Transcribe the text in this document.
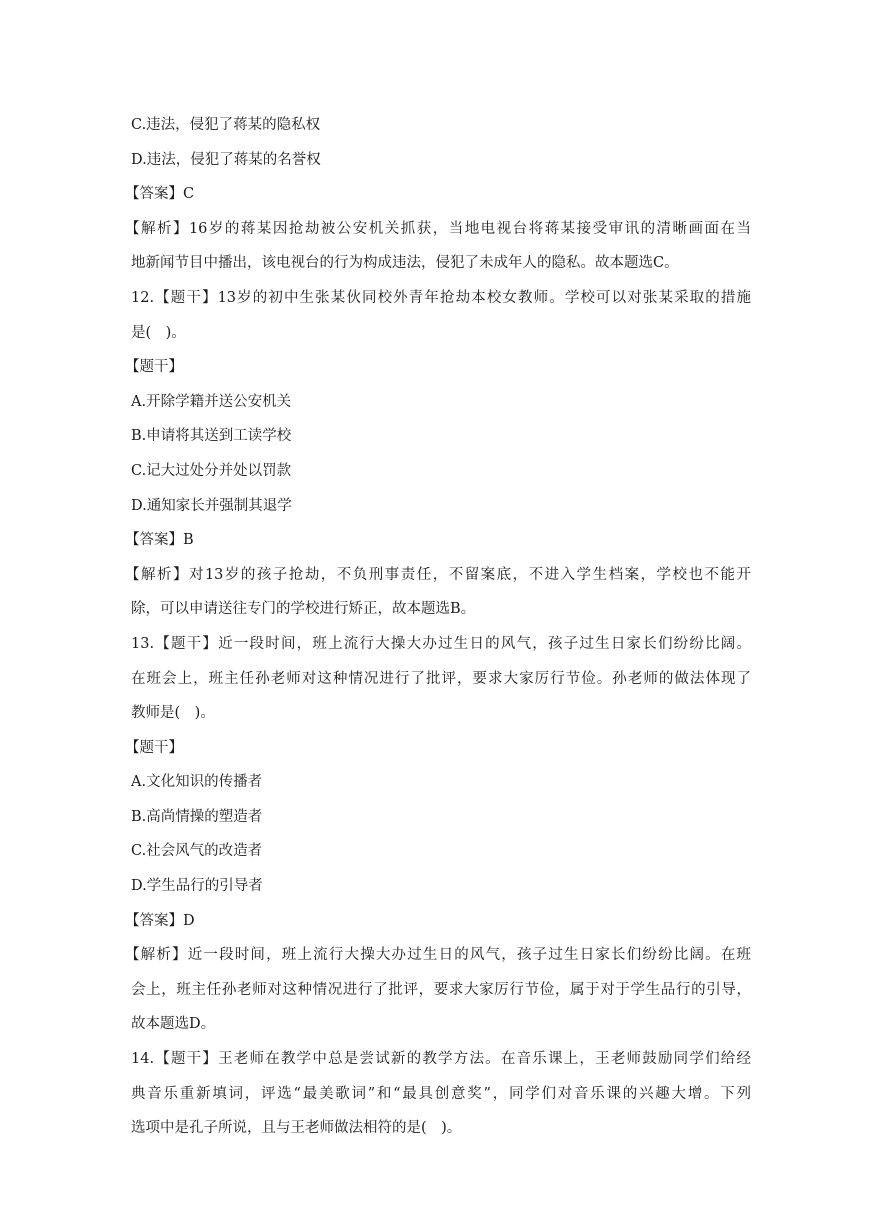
C.违法，侵犯了蒋某的隐私权
D.违法，侵犯了蒋某的名誉权
【答案】C
【解析】16岁的蒋某因抢劫被公安机关抓获，当地电视台将蒋某接受审讯的清晰画面在当
地新闻节目中播出，该电视台的行为构成违法，侵犯了未成年人的隐私。故本题选C。
12.【题干】13岁的初中生张某伙同校外青年抢劫本校女教师。学校可以对张某采取的措施
是(　)。
【题干】
A.开除学籍并送公安机关
B.申请将其送到工读学校
C.记大过处分并处以罚款
D.通知家长并强制其退学
【答案】B
【解析】对13岁的孩子抢劫，不负刑事责任，不留案底，不进入学生档案，学校也不能开
除，可以申请送往专门的学校进行矫正，故本题选B。
13.【题干】近一段时间，班上流行大操大办过生日的风气，孩子过生日家长们纷纷比阔。
在班会上，班主任孙老师对这种情况进行了批评，要求大家厉行节俭。孙老师的做法体现了
教师是(　)。
【题干】
A.文化知识的传播者
B.高尚情操的塑造者
C.社会风气的改造者
D.学生品行的引导者
【答案】D
【解析】近一段时间，班上流行大操大办过生日的风气，孩子过生日家长们纷纷比阔。在班
会上，班主任孙老师对这种情况进行了批评，要求大家厉行节俭，属于对于学生品行的引导，
故本题选D。
14.【题干】王老师在教学中总是尝试新的教学方法。在音乐课上，王老师鼓励同学们给经
典音乐重新填词，评选“最美歌词”和“最具创意奖”，同学们对音乐课的兴趣大增。下列
选项中是孔子所说，且与王老师做法相符的是(　)。
